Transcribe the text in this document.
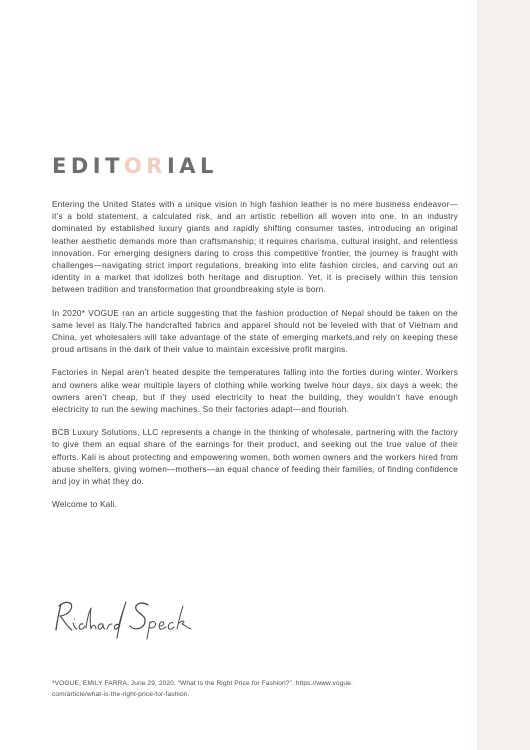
EDITORIAL

Entering the United States with a unique vision in high fashion leather is no mere business endeavor—it’s a bold statement, a calculated risk, and an artistic rebellion all woven into one. In an industry dominated by established luxury giants and rapidly shifting consumer tastes, introducing an original leather aesthetic demands more than craftsmanship; it requires charisma, cultural insight, and relentless innovation. For emerging designers daring to cross this competitive frontier, the journey is fraught with challenges—navigating strict import regulations, breaking into elite fashion circles, and carving out an identity in a market that idolizes both heritage and disruption. Yet, it is precisely within this tension between tradition and transformation that groundbreaking style is born.

In 2020* VOGUE ran an article suggesting that the fashion production of Nepal should be taken on the same level as Italy.The handcrafted fabrics and apparel should not be leveled with that of Vietnam and China, yet wholesalers will take advantage of the state of emerging markets,and rely on keeping these proud artisans in the dark of their value to maintain excessive profit margins.

Factories in Nepal aren’t heated despite the temperatures falling into the forties during winter. Workers and owners alike wear multiple layers of clothing while working twelve hour days, six days a week; the owners aren’t cheap, but if they used electricity to heat the building, they wouldn’t have enough electricity to run the sewing machines. So their factories adapt—and flourish.

BCB Luxury Solutions, LLC represents a change in the thinking of wholesale, partnering with the factory to give them an equal share of the earnings for their product, and seeking out the true value of their efforts. Kali is about protecting and empowering women, both women owners and the workers hired from abuse shelters, giving women—mothers—an equal chance of feeding their families, of finding confidence and joy in what they do.

Welcome to Kali.

*VOGUE, EMILY FARRA, June 29, 2020. “What Is the Right Price for Fashion?”. https://www.vogue.

com/article/what-is-the-right-price-for-fashion.
